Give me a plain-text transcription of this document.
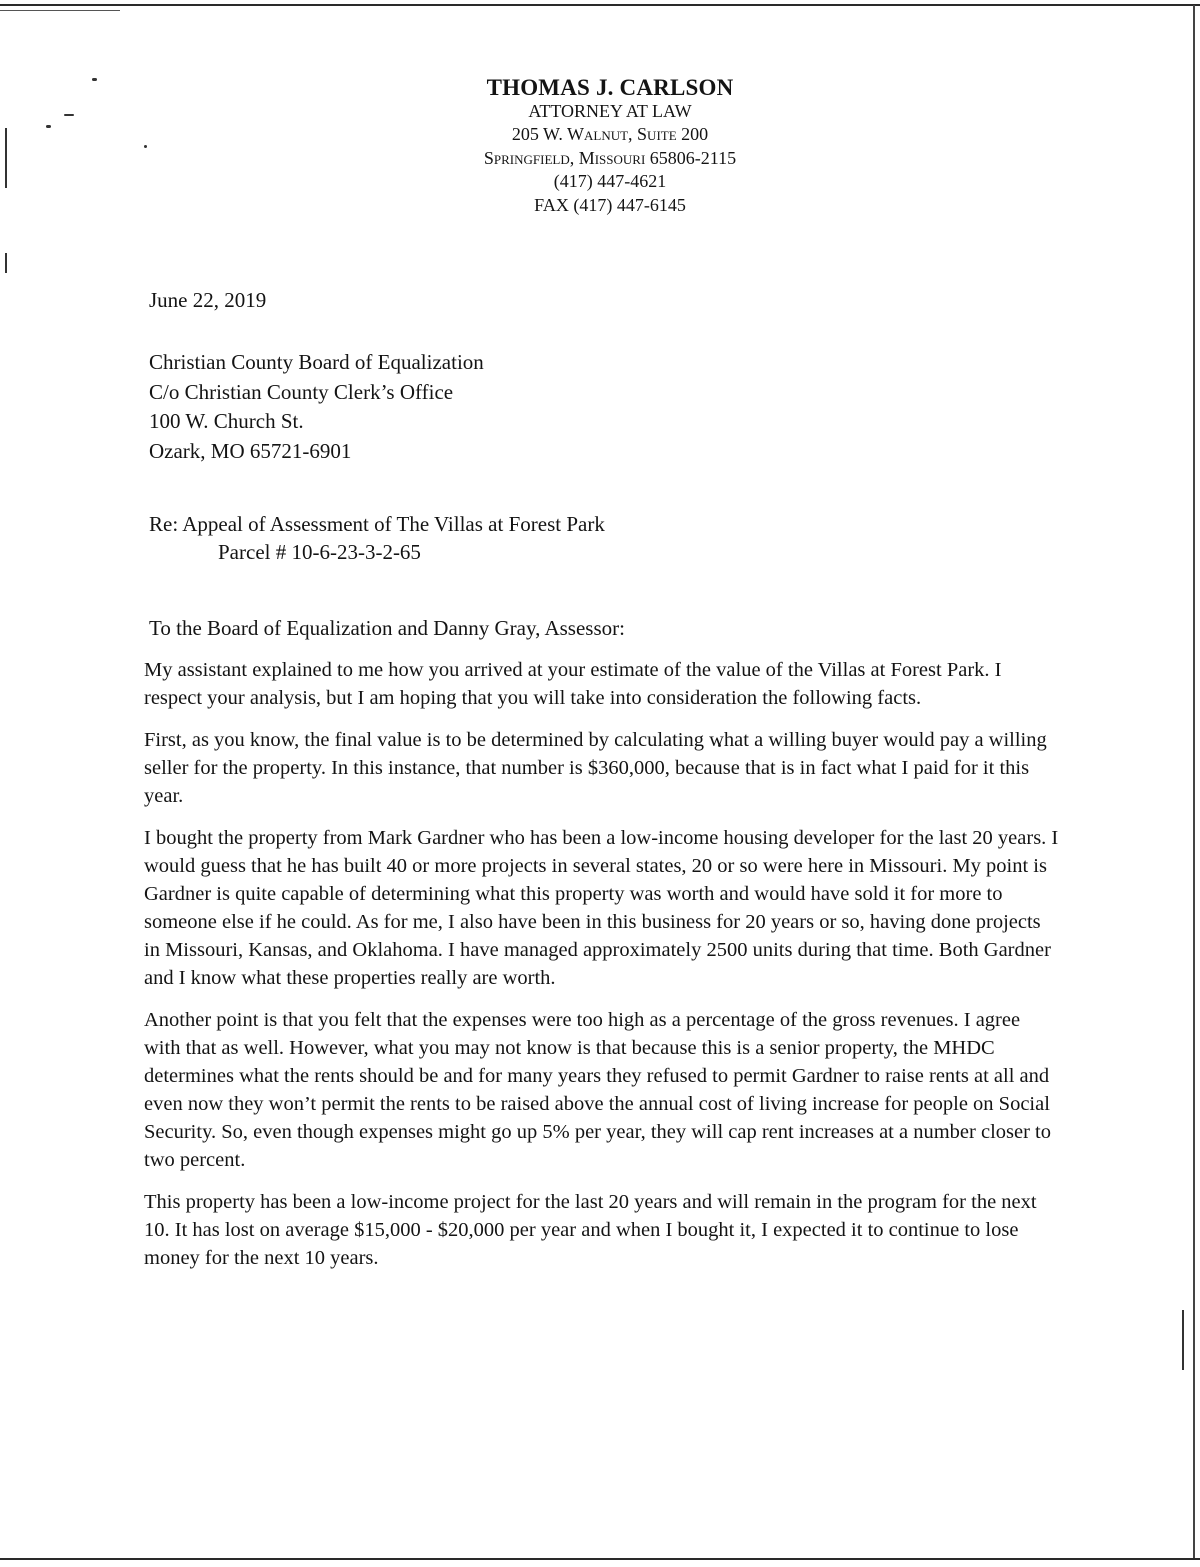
THOMAS J. CARLSON
ATTORNEY AT LAW
205 W. Walnut, Suite 200
Springfield, Missouri 65806-2115
(417) 447-4621
FAX (417) 447-6145
June 22, 2019
Christian County Board of Equalization
C/o Christian County Clerk’s Office
100 W. Church St.
Ozark, MO 65721-6901
Re: Appeal of Assessment of The Villas at Forest Park
Parcel # 10-6-23-3-2-65
To the Board of Equalization and Danny Gray, Assessor:

My assistant explained to me how you arrived at your estimate of the value of the Villas at Forest Park. I respect your analysis, but I am hoping that you will take into consideration the following facts.

First, as you know, the final value is to be determined by calculating what a willing buyer would pay a willing seller for the property. In this instance, that number is $360,000, because that is in fact what I paid for it this year.

I bought the property from Mark Gardner who has been a low-income housing developer for the last 20 years. I would guess that he has built 40 or more projects in several states, 20 or so were here in Missouri. My point is Gardner is quite capable of determining what this property was worth and would have sold it for more to someone else if he could. As for me, I also have been in this business for 20 years or so, having done projects in Missouri, Kansas, and Oklahoma. I have managed approximately 2500 units during that time. Both Gardner and I know what these properties really are worth.

Another point is that you felt that the expenses were too high as a percentage of the gross revenues. I agree with that as well. However, what you may not know is that because this is a senior property, the MHDC determines what the rents should be and for many years they refused to permit Gardner to raise rents at all and even now they won’t permit the rents to be raised above the annual cost of living increase for people on Social Security. So, even though expenses might go up 5% per year, they will cap rent increases at a number closer to two percent.

This property has been a low-income project for the last 20 years and will remain in the program for the next 10. It has lost on average $15,000 - $20,000 per year and when I bought it, I expected it to continue to lose money for the next 10 years.
